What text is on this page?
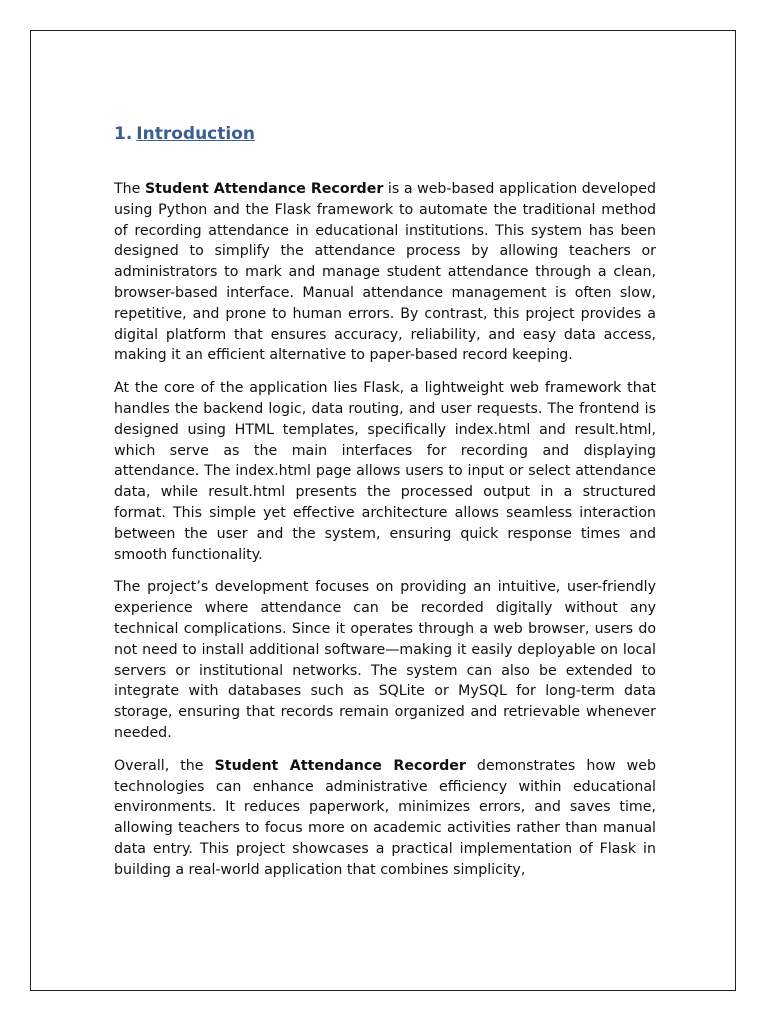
1. Introduction

The Student Attendance Recorder is a web-based application developed using Python and the Flask framework to automate the traditional method of recording attendance in educational institutions. This system has been designed to simplify the attendance process by allowing teachers or administrators to mark and manage student attendance through a clean, browser-based interface. Manual attendance management is often slow, repetitive, and prone to human errors. By contrast, this project provides a digital platform that ensures accuracy, reliability, and easy data access, making it an efficient alternative to paper-based record keeping.

At the core of the application lies Flask, a lightweight web framework that handles the backend logic, data routing, and user requests. The frontend is designed using HTML templates, specifically index.html and result.html, which serve as the main interfaces for recording and displaying attendance. The index.html page allows users to input or select attendance data, while result.html presents the processed output in a structured format. This simple yet effective architecture allows seamless interaction between the user and the system, ensuring quick response times and smooth functionality.

The project’s development focuses on providing an intuitive, user-friendly experience where attendance can be recorded digitally without any technical complications. Since it operates through a web browser, users do not need to install additional software—making it easily deployable on local servers or institutional networks. The system can also be extended to integrate with databases such as SQLite or MySQL for long-term data storage, ensuring that records remain organized and retrievable whenever needed.

Overall, the Student Attendance Recorder demonstrates how web technologies can enhance administrative efficiency within educational environments. It reduces paperwork, minimizes errors, and saves time, allowing teachers to focus more on academic activities rather than manual data entry. This project showcases a practical implementation of Flask in building a real-world application that combines simplicity,
